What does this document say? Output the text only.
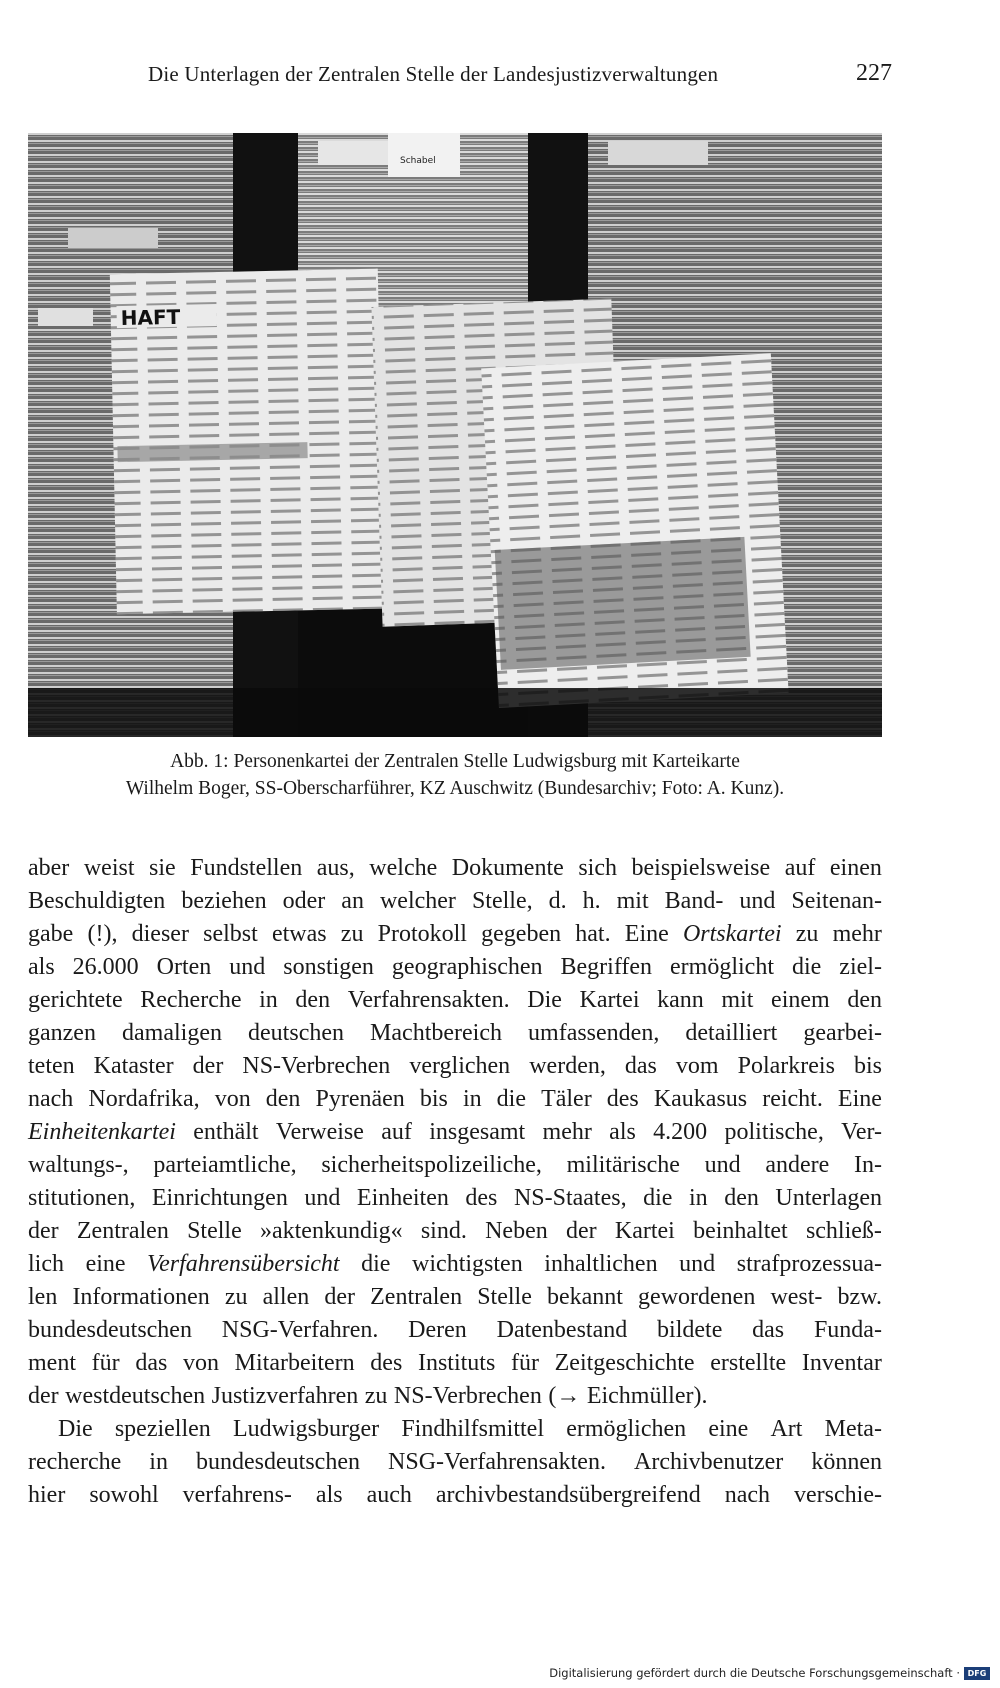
Die Unterlagen der Zentralen Stelle der Landesjustizverwaltungen	227
Schabel
HAFT
Abb. 1: Personenkartei der Zentralen Stelle Ludwigsburg mit Karteikarte
Wilhelm Boger, SS-Oberscharführer, KZ Auschwitz (Bundesarchiv; Foto: A. Kunz).
aber weist sie Fundstellen aus, welche Dokumente sich beispielsweise auf einen
Beschuldigten beziehen oder an welcher Stelle, d. h. mit Band- und Seitenan-
gabe (!), dieser selbst etwas zu Protokoll gegeben hat. Eine Ortskartei zu mehr
als 26.000 Orten und sonstigen geographischen Begriffen ermöglicht die ziel-
gerichtete Recherche in den Verfahrensakten. Die Kartei kann mit einem den
ganzen damaligen deutschen Machtbereich umfassenden, detailliert gearbei-
teten Kataster der NS-Verbrechen verglichen werden, das vom Polarkreis bis
nach Nordafrika, von den Pyrenäen bis in die Täler des Kaukasus reicht. Eine
Einheitenkartei enthält Verweise auf insgesamt mehr als 4.200 politische, Ver-
waltungs-, parteiamtliche, sicherheitspolizeiliche, militärische und andere In-
stitutionen, Einrichtungen und Einheiten des NS-Staates, die in den Unterlagen
der Zentralen Stelle »aktenkundig« sind. Neben der Kartei beinhaltet schließ-
lich eine Verfahrensübersicht die wichtigsten inhaltlichen und strafprozessua-
len Informationen zu allen der Zentralen Stelle bekannt gewordenen west- bzw.
bundesdeutschen NSG-Verfahren. Deren Datenbestand bildete das Funda-
ment für das von Mitarbeitern des Instituts für Zeitgeschichte erstellte Inventar
der westdeutschen Justizverfahren zu NS-Verbrechen (→ Eichmüller).
Die speziellen Ludwigsburger Findhilfsmittel ermöglichen eine Art Meta-
recherche in bundesdeutschen NSG-Verfahrensakten. Archivbenutzer können
hier sowohl verfahrens- als auch archivbestandsübergreifend nach verschie-
Digitalisierung gefördert durch die Deutsche Forschungsgemeinschaft · DFG
